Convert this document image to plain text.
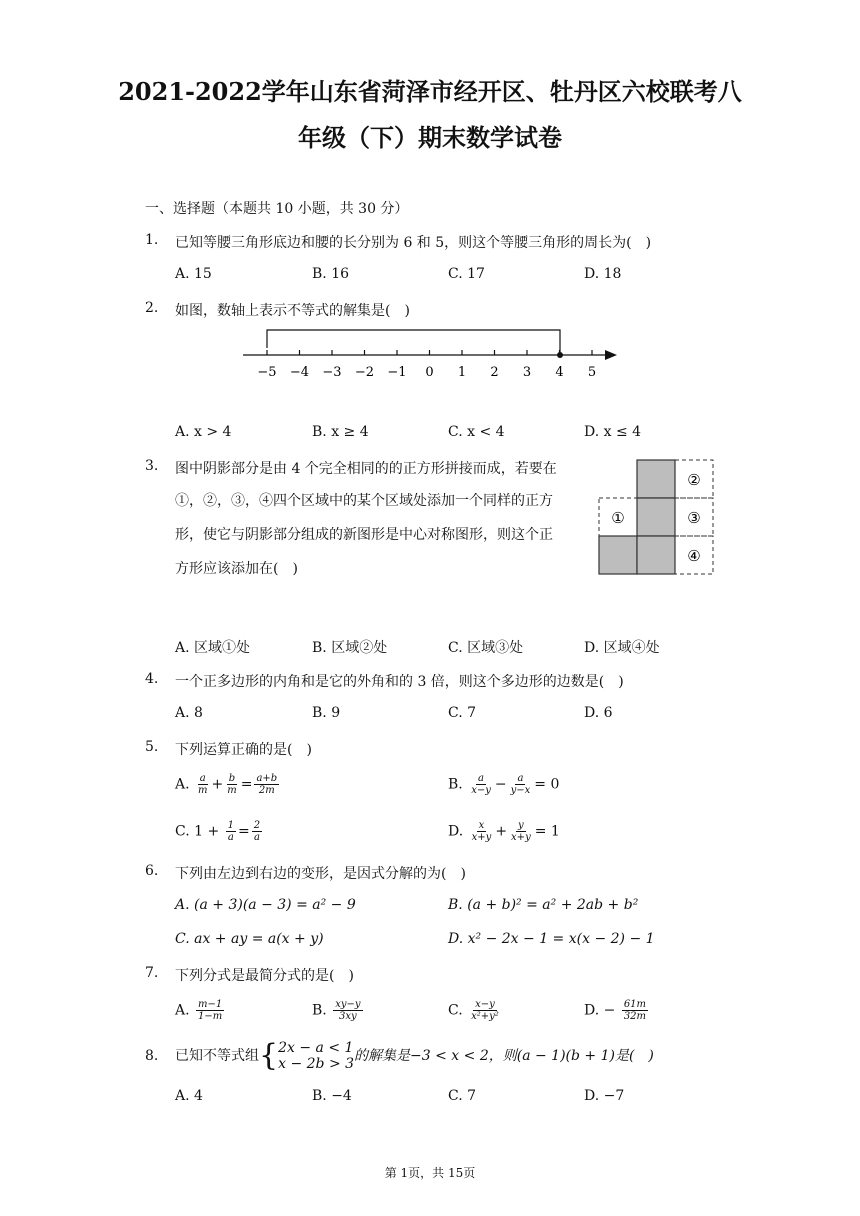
2021-2022学年山东省菏泽市经开区、牡丹区六校联考八
年级（下）期末数学试卷
一、选择题（本题共 10 小题，共 30 分）
1. 已知等腰三角形底边和腰的长分别为 6 和 5，则这个等腰三角形的周长为(　)
A. 15	B. 16	C. 17	D. 18
2. 如图，数轴上表示不等式的解集是(　)
−5 −4 −3 −2 −1 0 1 2 3 4 5
A. x > 4	B. x ≥ 4	C. x < 4	D. x ≤ 4
3. 图中阴影部分是由 4 个完全相同的的正方形拼接而成，若要在
①，②，③，④四个区域中的某个区域处添加一个同样的正方
形，使它与阴影部分组成的新图形是中心对称图形，则这个正
方形应该添加在(　)
①
②
③
④
A. 区域①处	B. 区域②处	C. 区域③处	D. 区域④处
4. 一个正多边形的内角和是它的外角和的 3 倍，则这个多边形的边数是(　)
A. 8	B. 9	C. 7	D. 6
5. 下列运算正确的是(　)
A. $\frac{a}{m} + \frac{b}{m} = \frac{a+b}{2m}$	B. $\frac{a}{x-y} - \frac{a}{y-x} = 0$
C. $1 + \frac{1}{a} = \frac{2}{a}$	D. $\frac{x}{x+y} + \frac{y}{x+y} = 1$
6. 下列由左边到右边的变形，是因式分解的为(　)
A. (a + 3)(a − 3) = a² − 9	B. (a + b)² = a² + 2ab + b²
C. ax + ay = a(x + y)	D. x² − 2x − 1 = x(x − 2) − 1
7. 下列分式是最简分式的是(　)
A. $\frac{m-1}{1-m}$	B. $\frac{xy-y}{3xy}$	C. $\frac{x-y}{\text{x²+y²}}$	D. − $\frac{61m}{32m}$
8. 已知不等式组 { 2x − a < 1
x − 2b > 3 的解集是−3 < x < 2，则(a − 1)(b + 1)是(　)
A. 4	B. −4	C. 7	D. −7
第 1页，共 15页
